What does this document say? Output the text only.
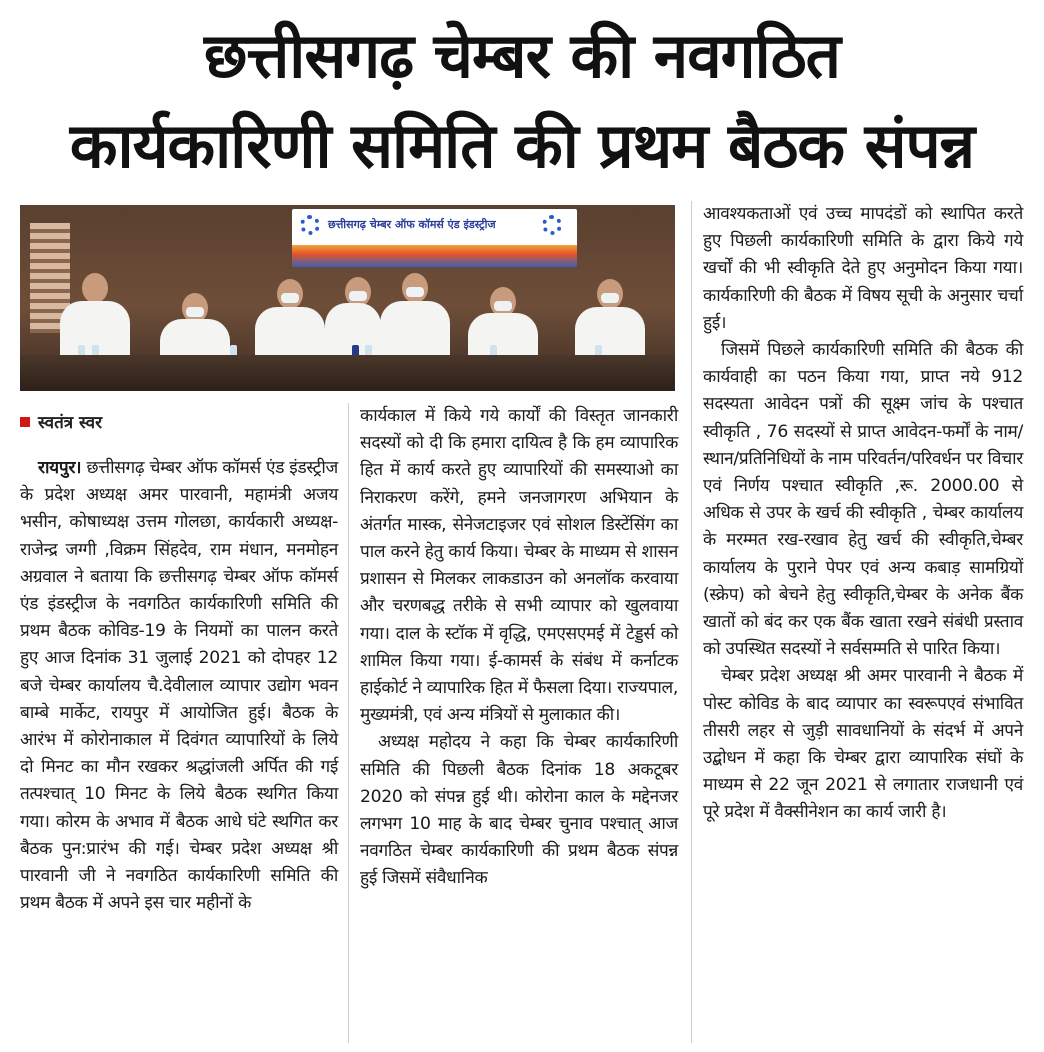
छत्तीसगढ़ चेम्बर की नवगठित
कार्यकारिणी समिति की प्रथम बैठक संपन्न
छत्तीसगढ़ चेम्बर ऑफ कॉमर्स एंड इंडस्ट्रीज
स्वतंत्र स्वर

रायपुर। छत्तीसगढ़ चेम्बर ऑफ कॉमर्स एंड इंडस्ट्रीज के प्रदेश अध्यक्ष अमर पारवानी, महामंत्री अजय भसीन, कोषाध्यक्ष उत्तम गोलछा, कार्यकारी अध्यक्ष- राजेन्द्र जग्गी ,विक्रम सिंहदेव, राम मंधान, मनमोहन अग्रवाल ने बताया कि छत्तीसगढ़ चेम्बर ऑफ कॉमर्स एंड इंडस्ट्रीज के नवगठित कार्यकारिणी समिति की प्रथम बैठक कोविड-19 के नियमों का पालन करते हुए आज दिनांक 31 जुलाई 2021 को दोपहर 12 बजे चेम्बर कार्यालय चै.देवीलाल व्यापार उद्योग भवन बाम्बे मार्केट, रायपुर में आयोजित हुई। बैठक के आरंभ में कोरोनाकाल में दिवंगत व्यापारियों के लिये दो मिनट का मौन रखकर श्रद्धांजली अर्पित की गई तत्पश्चात् 10 मिनट के लिये बैठक स्थगित किया गया। कोरम के अभाव में बैठक आधे घंटे स्थगित कर बैठक पुन:प्रारंभ की गई। चेम्बर प्रदेश अध्यक्ष श्री पारवानी जी ने नवगठित कार्यकारिणी समिति की प्रथम बैठक में अपने इस चार महीनों के

कार्यकाल में किये गये कार्यों की विस्तृत जानकारी सदस्यों को दी कि हमारा दायित्व है कि हम व्यापारिक हित में कार्य करते हुए व्यापारियों की समस्याओ का निराकरण करेंगे, हमने जनजागरण अभियान के अंतर्गत मास्क, सेनेजटाइजर एवं सोशल डिस्टेंसिंग का पाल करने हेतु कार्य किया। चेम्बर के माध्यम से शासन प्रशासन से मिलकर लाकडाउन को अनलॉक करवाया और चरणबद्ध तरीके से सभी व्यापार को खुलवाया गया। दाल के स्टॉक में वृद्धि, एमएसएमई में टेड्डर्स को शामिल किया गया। ई-कामर्स के संबंध में कर्नाटक हाईकोर्ट ने व्यापारिक हित में फैसला दिया। राज्यपाल, मुख्यमंत्री, एवं अन्य मंत्रियों से मुलाकात की।

अध्यक्ष महोदय ने कहा कि चेम्बर कार्यकारिणी समिति की पिछली बैठक दिनांक 18 अकटूबर 2020 को संपन्न हुई थी। कोरोना काल के मद्देनजर लगभग 10 माह के बाद चेम्बर चुनाव पश्चात् आज नवगठित चेम्बर कार्यकारिणी की प्रथम बैठक संपन्न हुई जिसमें संवैधानिक

आवश्यकताओं एवं उच्च मापदंडों को स्थापित करते हुए पिछली कार्यकारिणी समिति के द्वारा किये गये खर्चों की भी स्वीकृति देते हुए अनुमोदन किया गया। कार्यकारिणी की बैठक में विषय सूची के अनुसार चर्चा हुई।

जिसमें पिछले कार्यकारिणी समिति की बैठक की कार्यवाही का पठन किया गया, प्राप्त नये 912 सदस्यता आवेदन पत्रों की सूक्ष्म जांच के पश्चात स्वीकृति , 76 सदस्यों से प्राप्त आवेदन-फर्मों के नाम/स्थान/प्रतिनिधियों के नाम परिवर्तन/परिवर्धन पर विचार एवं निर्णय पश्चात स्वीकृति ,रू. 2000.00 से अधिक से उपर के खर्च की स्वीकृति , चेम्बर कार्यालय के मरम्मत रख-रखाव हेतु खर्च की स्वीकृति,चेम्बर कार्यालय के पुराने पेपर एवं अन्य कबाड़ सामग्रियों (स्क्रेप) को बेचने हेतु स्वीकृति,चेम्बर के अनेक बैंक खातों को बंद कर एक बैंक खाता रखने संबंधी प्रस्ताव को उपस्थित सदस्यों ने सर्वसम्मति से पारित किया।

चेम्बर प्रदेश अध्यक्ष श्री अमर पारवानी ने बैठक में पोस्ट कोविड के बाद व्यापार का स्वरूपएवं संभावित तीसरी लहर से जुड़ी सावधानियों के संदर्भ में अपने उद्बोधन में कहा कि चेम्बर द्वारा व्यापारिक संघों के माध्यम से 22 जून 2021 से लगातार राजधानी एवं पूरे प्रदेश में वैक्सीनेशन का कार्य जारी है।
